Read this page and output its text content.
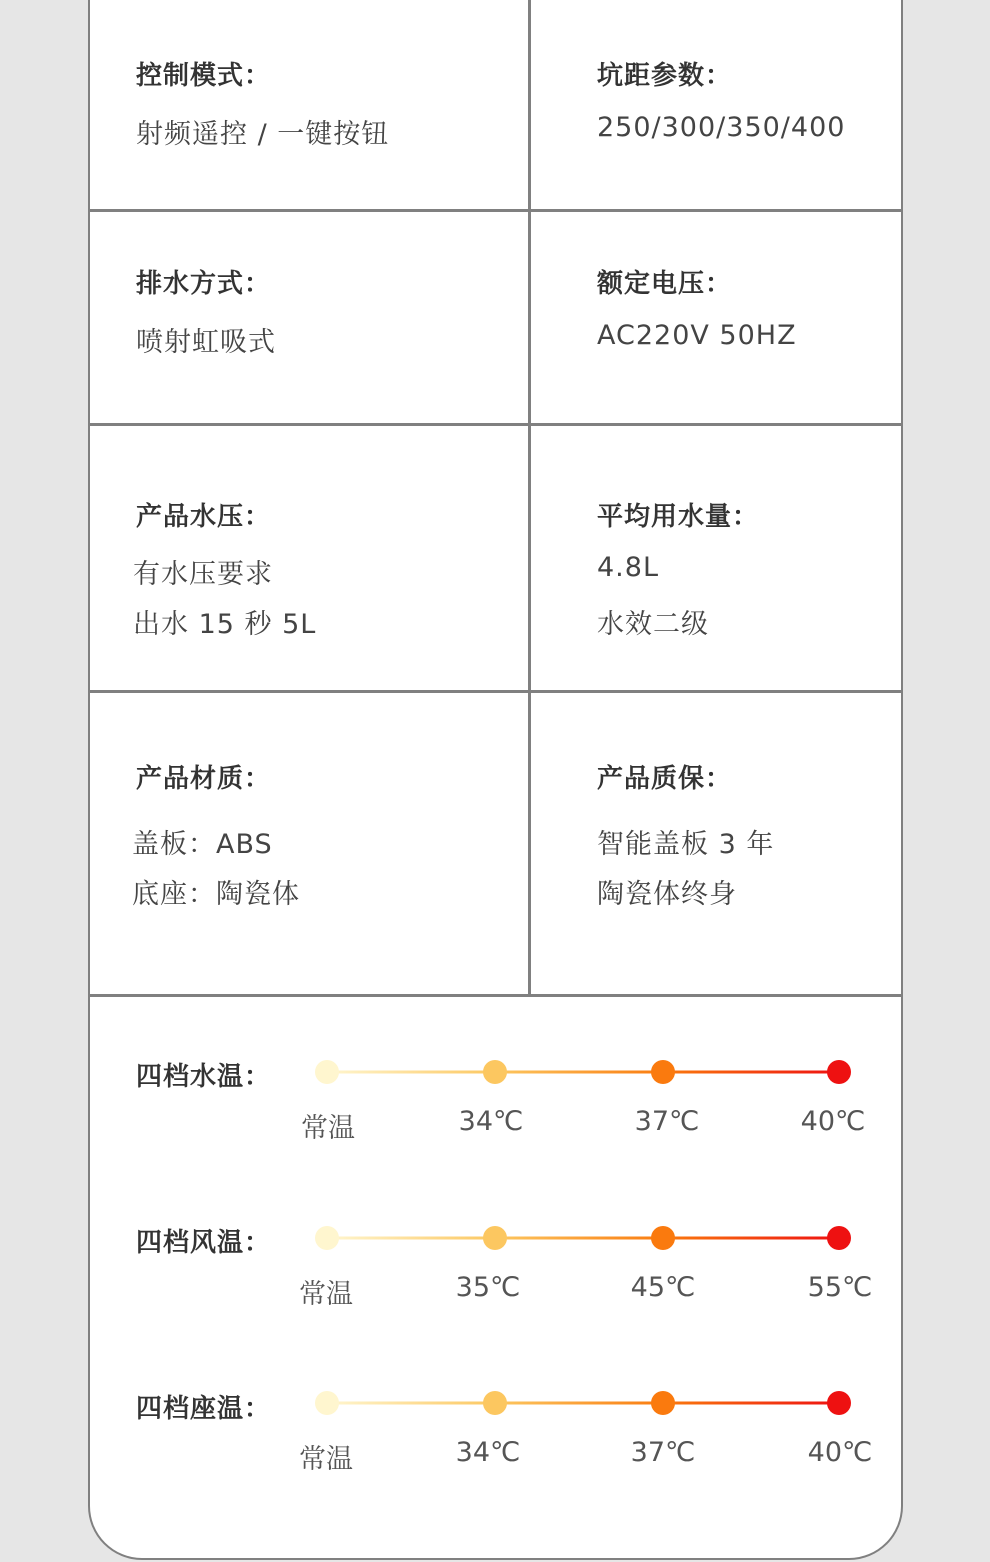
控制模式：
射频遥控 / 一键按钮
坑距参数：
250/300/350/400
排水方式：
喷射虹吸式
额定电压：
AC220V 50HZ
产品水压：
有水压要求
出水 15 秒 5L
平均用水量：
4.8L
水效二级
产品材质：
盖板：ABS
底座：陶瓷体
产品质保：
智能盖板 3 年
陶瓷体终身
四档水温：
四档风温：
四档座温：
常温	34℃	37℃	40℃
常温	35℃	45℃	55℃
常温	34℃	37℃	40℃
